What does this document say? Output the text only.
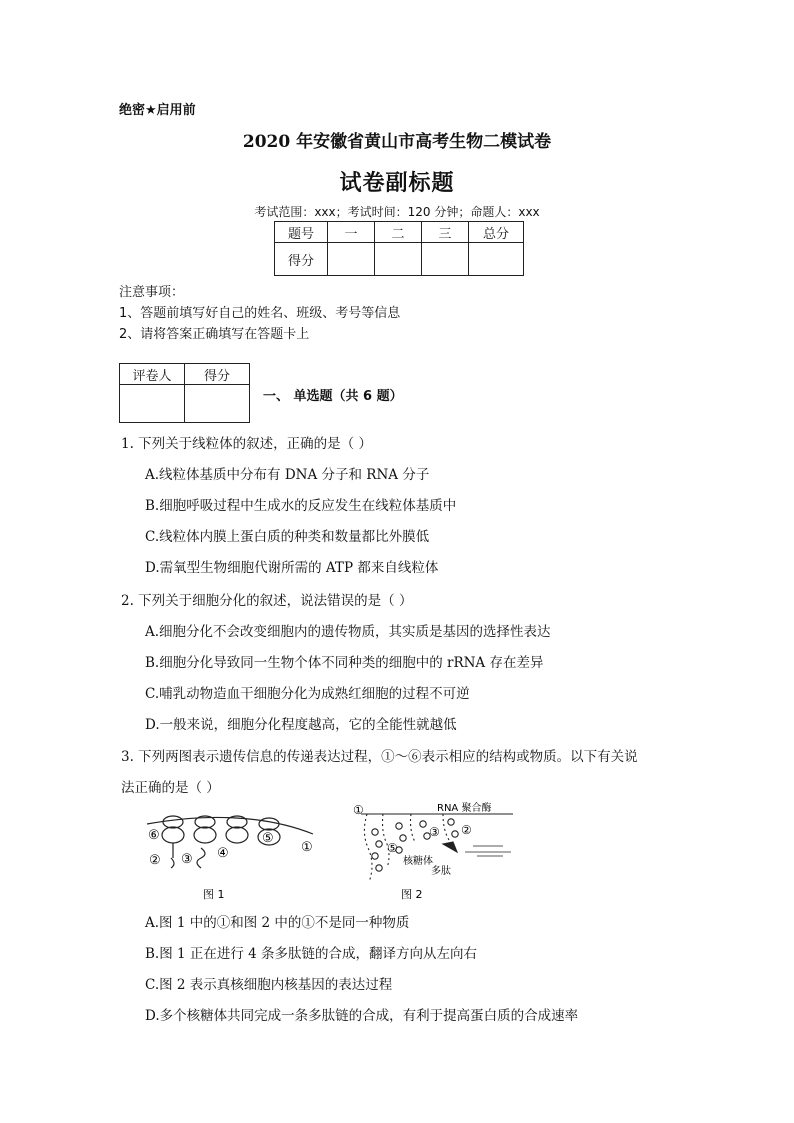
绝密★启用前
2020 年安徽省黄山市高考生物二模试卷
试卷副标题
考试范围：xxx；考试时间：120 分钟；命题人：xxx
题号	一	二	三	总分
得分				
注意事项：
1、答题前填写好自己的姓名、班级、考号等信息
2、请将答案正确填写在答题卡上
评卷人	得分

一、 单选题（共 6 题）
1. 下列关于线粒体的叙述，正确的是（ ）
A.线粒体基质中分布有 DNA 分子和 RNA 分子
B.细胞呼吸过程中生成水的反应发生在线粒体基质中
C.线粒体内膜上蛋白质的种类和数量都比外膜低
D.需氧型生物细胞代谢所需的 ATP 都来自线粒体
2. 下列关于细胞分化的叙述，说法错误的是（ ）
A.细胞分化不会改变细胞内的遗传物质，其实质是基因的选择性表达
B.细胞分化导致同一生物个体不同种类的细胞中的 rRNA 存在差异
C.哺乳动物造血干细胞分化为成熟红细胞的过程不可逆
D.一般来说，细胞分化程度越高，它的全能性就越低
3. 下列两图表示遗传信息的传递表达过程，①～⑥表示相应的结构或物质。以下有关说
法正确的是（ ）
⑥
② ③ ④
⑤
①
图 1
①	RNA 聚合酶
⑤
③ ②
核糖体
多肽
图 2
A.图 1 中的①和图 2 中的①不是同一种物质
B.图 1 正在进行 4 条多肽链的合成，翻译方向从左向右
C.图 2 表示真核细胞内核基因的表达过程
D.多个核糖体共同完成一条多肽链的合成，有利于提高蛋白质的合成速率
